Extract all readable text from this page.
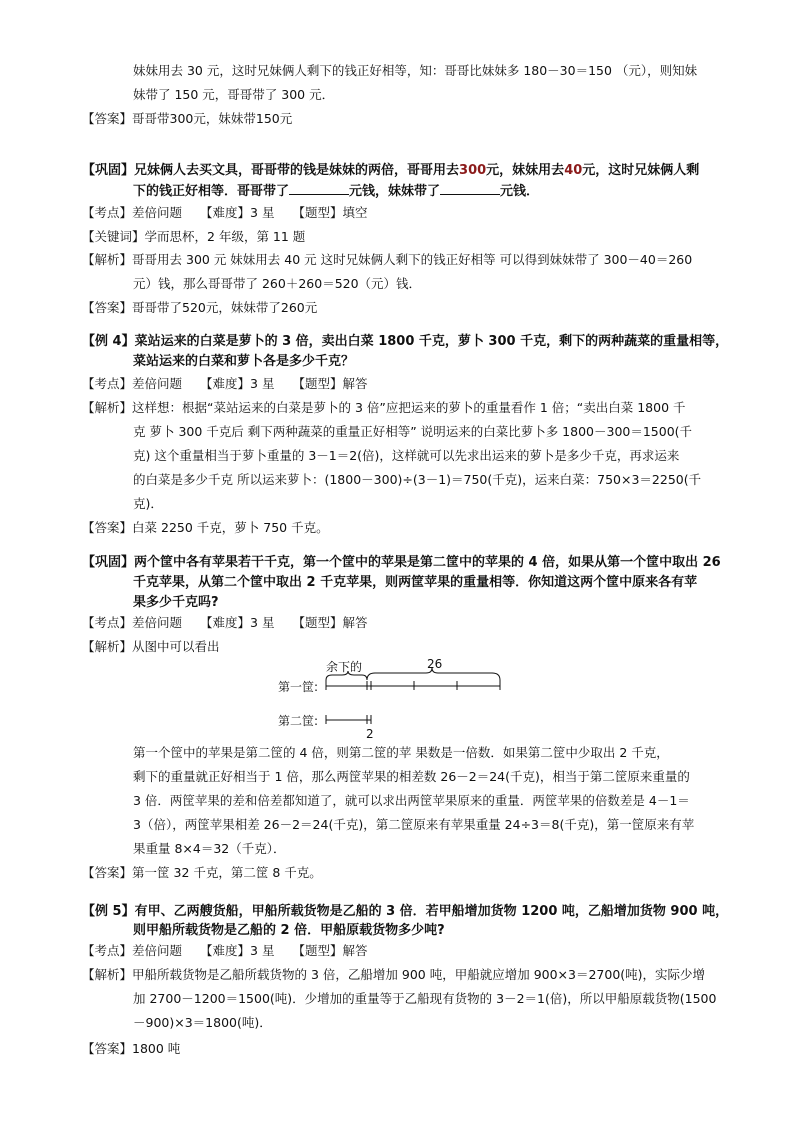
妹妹用去 30 元，这时兄妹俩人剩下的钱正好相等，知：哥哥比妹妹多 180－30＝150 （元），则知妹
妹带了 150 元，哥哥带了 300 元．
【答案】哥哥带300元，妹妹带150元
【巩固】兄妹俩人去买文具，哥哥带的钱是妹妹的两倍，哥哥用去300元，妹妹用去40元，这时兄妹俩人剩
下的钱正好相等．哥哥带了	元钱，妹妹带了	元钱．
【考点】差倍问题 【难度】3 星 【题型】填空
【关键词】学而思杯，2 年级，第 11 题
【解析】哥哥用去 300 元 妹妹用去 40 元 这时兄妹俩人剩下的钱正好相等 可以得到妹妹带了 300－40＝260
元）钱，那么哥哥带了 260＋260＝520（元）钱．
【答案】哥哥带了520元，妹妹带了260元
【例 4】菜站运来的白菜是萝卜的 3 倍，卖出白菜 1800 千克，萝卜 300 千克，剩下的两种蔬菜的重量相等，
菜站运来的白菜和萝卜各是多少千克？
【考点】差倍问题 【难度】3 星 【题型】解答
【解析】这样想：根据“菜站运来的白菜是萝卜的 3 倍”应把运来的萝卜的重量看作 1 倍；“卖出白菜 1800 千
克 萝卜 300 千克后 剩下两种蔬菜的重量正好相等” 说明运来的白菜比萝卜多 1800－300＝1500(千
克) 这个重量相当于萝卜重量的 3－1＝2(倍)，这样就可以先求出运来的萝卜是多少千克，再求运来
的白菜是多少千克 所以运来萝卜：(1800－300)÷(3－1)＝750(千克)，运来白菜：750×3＝2250(千
克)．
【答案】白菜 2250 千克，萝卜 750 千克。
【巩固】两个筐中各有苹果若干千克，第一个筐中的苹果是第二筐中的苹果的 4 倍，如果从第一个筐中取出 26
千克苹果，从第二个筐中取出 2 千克苹果，则两筐苹果的重量相等．你知道这两个筐中原来各有苹
果多少千克吗?
【考点】差倍问题 【难度】3 星 【题型】解答
【解析】从图中可以看出
余下的	26
第一筐:
第二筐:
2
第一个筐中的苹果是第二筐的 4 倍，则第二筐的苹 果数是一倍数．如果第二筐中少取出 2 千克，
剩下的重量就正好相当于 1 倍，那么两筐苹果的相差数 26－2＝24(千克)，相当于第二筐原来重量的
3 倍．两筐苹果的差和倍差都知道了，就可以求出两筐苹果原来的重量．两筐苹果的倍数差是 4－1＝
3（倍），两筐苹果相差 26－2＝24(千克)，第二筐原来有苹果重量 24÷3＝8(千克)，第一筐原来有苹
果重量 8×4＝32（千克）．
【答案】第一筐 32 千克，第二筐 8 千克。
【例 5】有甲、乙两艘货船，甲船所载货物是乙船的 3 倍．若甲船增加货物 1200 吨，乙船增加货物 900 吨，
则甲船所载货物是乙船的 2 倍．甲船原载货物多少吨?
【考点】差倍问题 【难度】3 星 【题型】解答
【解析】甲船所载货物是乙船所载货物的 3 倍，乙船增加 900 吨，甲船就应增加 900×3＝2700(吨)，实际少增
加 2700－1200＝1500(吨)．少增加的重量等于乙船现有货物的 3－2＝1(倍)，所以甲船原载货物(1500
－900)×3＝1800(吨)．
【答案】1800 吨
